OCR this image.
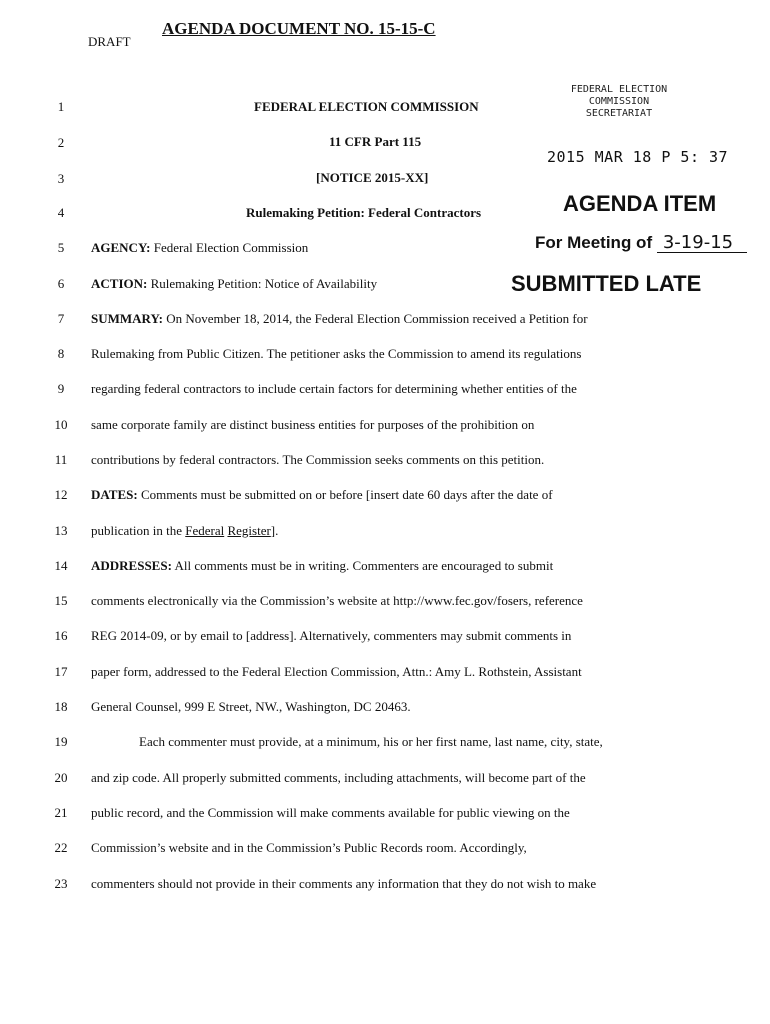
DRAFT
AGENDA DOCUMENT NO. 15-15-C
FEDERAL ELECTION
COMMISSION
SECRETARIAT
2015 MAR 18 P 5: 37
AGENDA ITEM
For Meeting of 3-19-15
SUBMITTED LATE
1
2
3
4
5
6
7
8
9
10
11
12
13
14
15
16
17
18
19
20
21
22
23
FEDERAL ELECTION COMMISSION
11 CFR Part 115
[NOTICE 2015-XX]
Rulemaking Petition: Federal Contractors
AGENCY: Federal Election Commission
ACTION: Rulemaking Petition: Notice of Availability
SUMMARY: On November 18, 2014, the Federal Election Commission received a Petition for
Rulemaking from Public Citizen. The petitioner asks the Commission to amend its regulations
regarding federal contractors to include certain factors for determining whether entities of the
same corporate family are distinct business entities for purposes of the prohibition on
contributions by federal contractors. The Commission seeks comments on this petition.
DATES: Comments must be submitted on or before [insert date 60 days after the date of
publication in the Federal Register].
ADDRESSES: All comments must be in writing. Commenters are encouraged to submit
comments electronically via the Commission’s website at http://www.fec.gov/fosers, reference
REG 2014-09, or by email to [address]. Alternatively, commenters may submit comments in
paper form, addressed to the Federal Election Commission, Attn.: Amy L. Rothstein, Assistant
General Counsel, 999 E Street, NW., Washington, DC 20463.
Each commenter must provide, at a minimum, his or her first name, last name, city, state,
and zip code. All properly submitted comments, including attachments, will become part of the
public record, and the Commission will make comments available for public viewing on the
Commission’s website and in the Commission’s Public Records room. Accordingly,
commenters should not provide in their comments any information that they do not wish to make
